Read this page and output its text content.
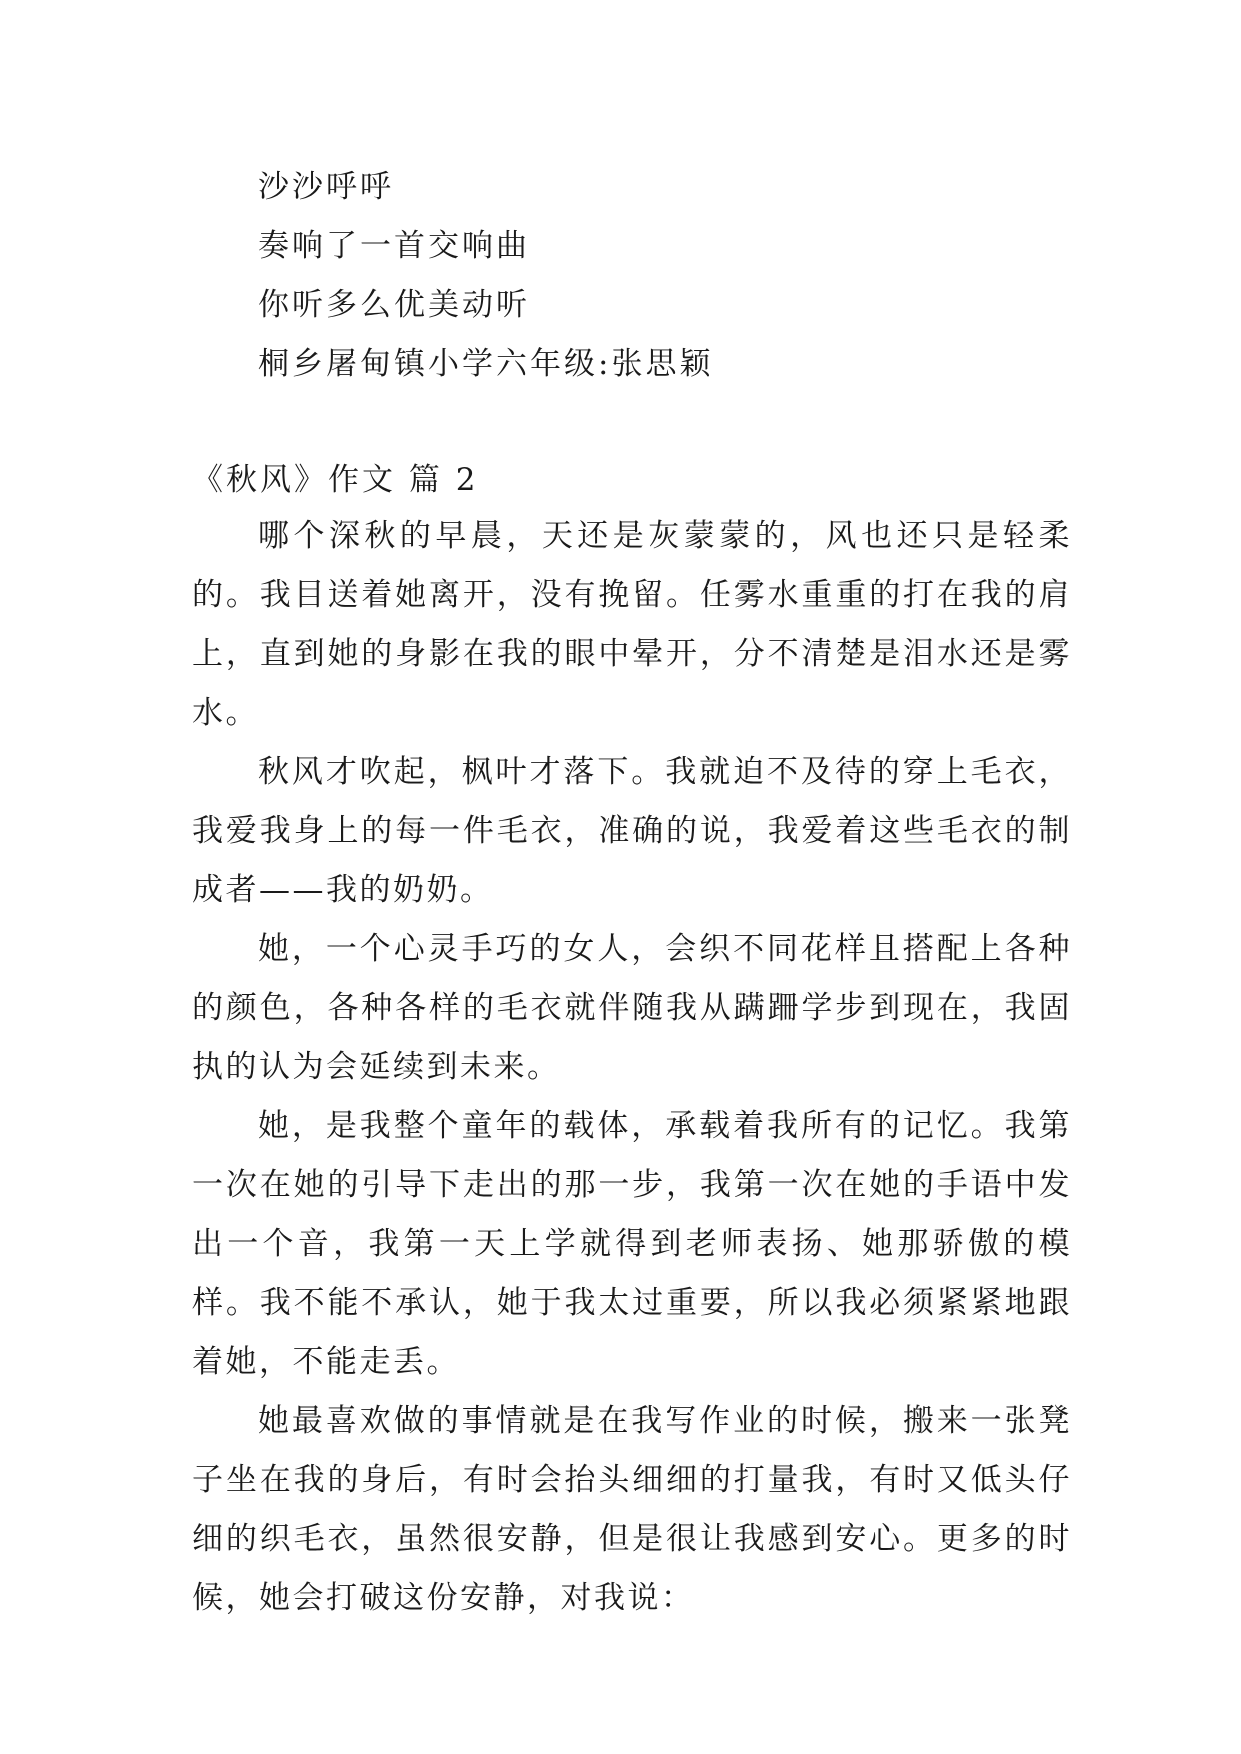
沙沙呼呼
奏响了一首交响曲
你听多么优美动听
桐乡屠甸镇小学六年级:张思颖
《秋风》作文 篇 2

哪个深秋的早晨，天还是灰蒙蒙的，风也还只是轻柔的。我目送着她离开，没有挽留。任雾水重重的打在我的肩上，直到她的身影在我的眼中晕开，分不清楚是泪水还是雾水。

秋风才吹起，枫叶才落下。我就迫不及待的穿上毛衣，我爱我身上的每一件毛衣，准确的说，我爱着这些毛衣的制成者——我的奶奶。

她，一个心灵手巧的女人，会织不同花样且搭配上各种的颜色，各种各样的毛衣就伴随我从蹒跚学步到现在，我固执的认为会延续到未来。

她，是我整个童年的载体，承载着我所有的记忆。我第一次在她的引导下走出的那一步，我第一次在她的手语中发出一个音，我第一天上学就得到老师表扬、她那骄傲的模样。我不能不承认，她于我太过重要，所以我必须紧紧地跟着她，不能走丢。

她最喜欢做的事情就是在我写作业的时候，搬来一张凳子坐在我的身后，有时会抬头细细的打量我，有时又低头仔细的织毛衣，虽然很安静，但是很让我感到安心。更多的时候，她会打破这份安静，对我说：
